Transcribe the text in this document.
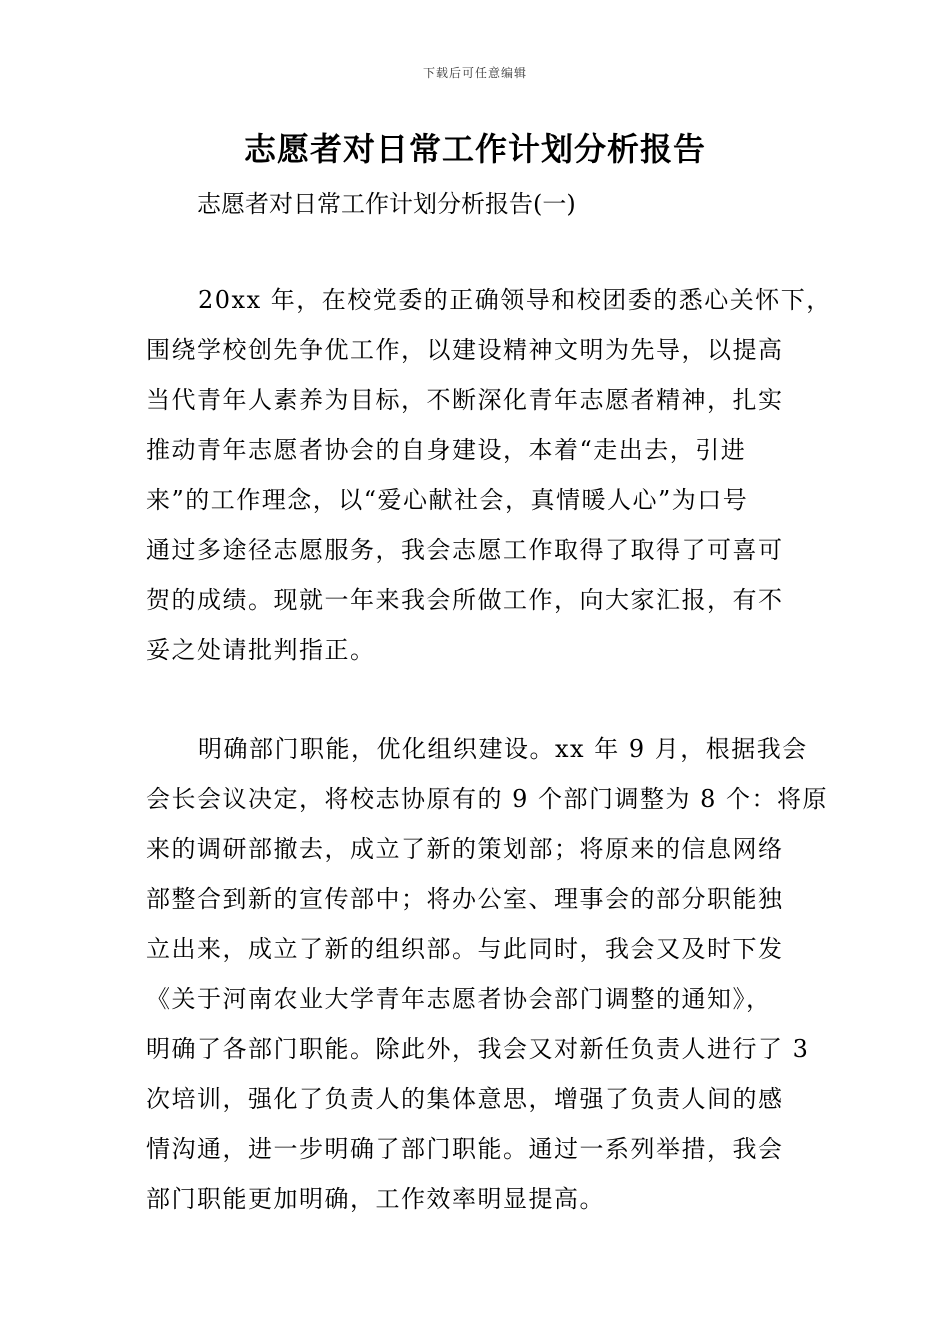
下载后可任意编辑
志愿者对日常工作计划分析报告
志愿者对日常工作计划分析报告(一)
20xx 年，在校党委的正确领导和校团委的悉心关怀下，
围绕学校创先争优工作，以建设精神文明为先导，以提高
当代青年人素养为目标，不断深化青年志愿者精神，扎实
推动青年志愿者协会的自身建设，本着“走出去，引进
来”的工作理念，以“爱心献社会，真情暖人心”为口号
通过多途径志愿服务，我会志愿工作取得了取得了可喜可
贺的成绩。现就一年来我会所做工作，向大家汇报，有不
妥之处请批判指正。
明确部门职能，优化组织建设。xx 年 9 月，根据我会
会长会议决定，将校志协原有的 9 个部门调整为 8 个：将原
来的调研部撤去，成立了新的策划部；将原来的信息网络
部整合到新的宣传部中；将办公室、理事会的部分职能独
立出来，成立了新的组织部。与此同时，我会又及时下发
《关于河南农业大学青年志愿者协会部门调整的通知》，
明确了各部门职能。除此外，我会又对新任负责人进行了 3
次培训，强化了负责人的集体意思，增强了负责人间的感
情沟通，进一步明确了部门职能。通过一系列举措，我会
部门职能更加明确，工作效率明显提高。
